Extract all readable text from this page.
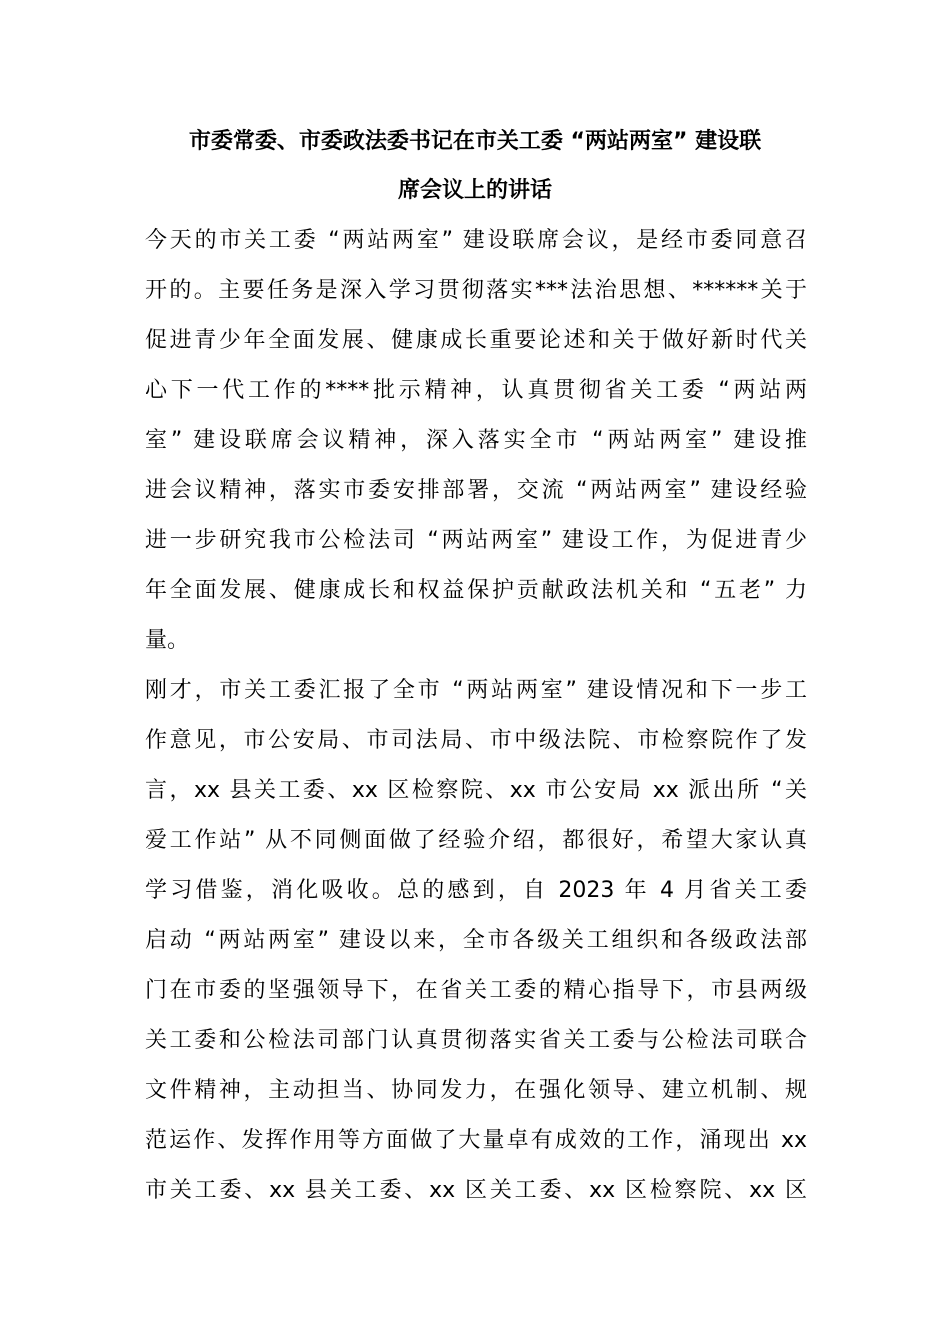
市委常委、市委政法委书记在市关工委 “两站两室” 建设联
席会议上的讲话
今天的市关工委 “两站两室” 建设联席会议，是经市委同意召
开的。主要任务是深入学习贯彻落实***法治思想、******关于
促进青少年全面发展、健康成长重要论述和关于做好新时代关
心下一代工作的****批示精神，认真贯彻省关工委 “两站两
室” 建设联席会议精神，深入落实全市 “两站两室” 建设推
进会议精神，落实市委安排部署，交流 “两站两室” 建设经验
进一步研究我市公检法司 “两站两室” 建设工作，为促进青少
年全面发展、健康成长和权益保护贡献政法机关和 “五老” 力
量。
刚才，市关工委汇报了全市 “两站两室” 建设情况和下一步工
作意见，市公安局、市司法局、市中级法院、市检察院作了发
言，xx 县关工委、xx 区检察院、xx 市公安局 xx 派出所 “关
爱工作站” 从不同侧面做了经验介绍，都很好，希望大家认真
学习借鉴，消化吸收。总的感到，自 2023 年 4 月省关工委
启动 “两站两室” 建设以来，全市各级关工组织和各级政法部
门在市委的坚强领导下，在省关工委的精心指导下，市县两级
关工委和公检法司部门认真贯彻落实省关工委与公检法司联合
文件精神，主动担当、协同发力，在强化领导、建立机制、规
范运作、发挥作用等方面做了大量卓有成效的工作，涌现出 xx
市关工委、xx 县关工委、xx 区关工委、xx 区检察院、xx 区
